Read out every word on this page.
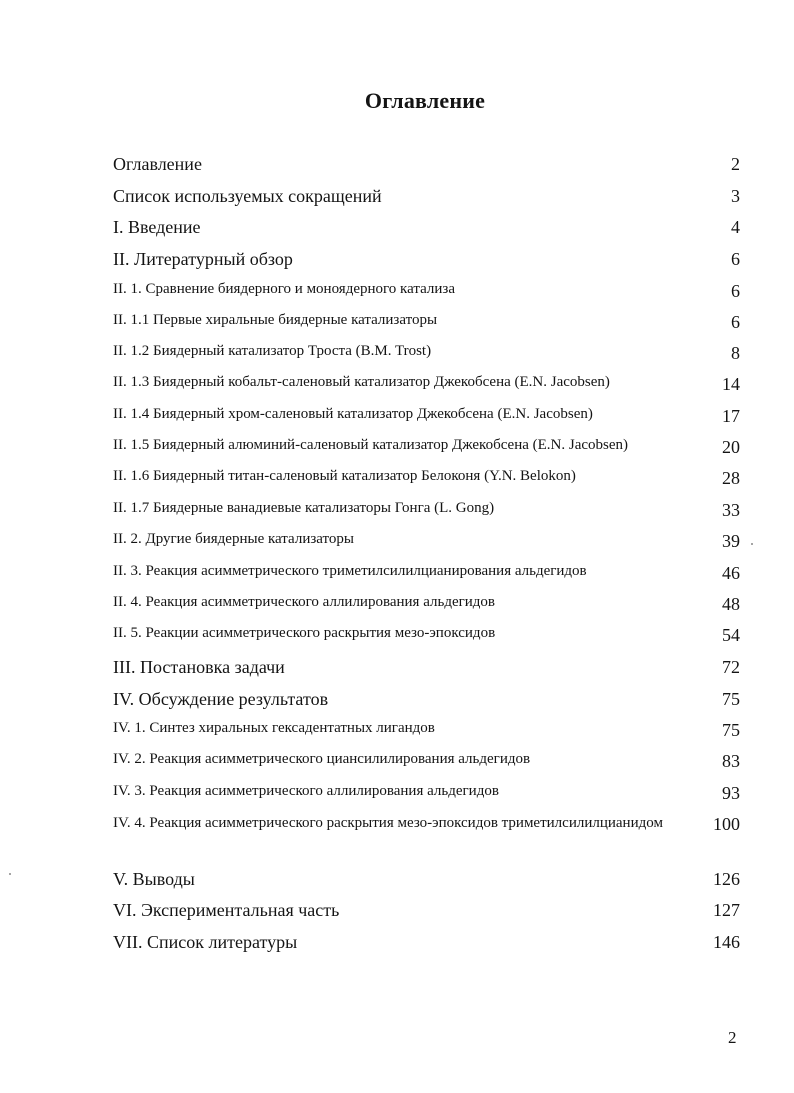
Оглавление
Оглавление	2
Список используемых сокращений	3
I. Введение	4
II. Литературный обзор	6
II. 1. Сравнение биядерного и моноядерного катализа	6
II. 1.1 Первые хиральные биядерные катализаторы	6
II. 1.2 Биядерный катализатор Троста (B.M. Trost)	8
II. 1.3 Биядерный кобальт-саленовый катализатор Джекобсена (E.N. Jacobsen)	14
II. 1.4 Биядерный хром-саленовый катализатор Джекобсена (E.N. Jacobsen)	17
II. 1.5 Биядерный алюминий-саленовый катализатор Джекобсена (E.N. Jacobsen)	20
II. 1.6 Биядерный титан-саленовый катализатор Белоконя (Y.N. Belokon)	28
II. 1.7 Биядерные ванадиевые катализаторы Гонга (L. Gong)	33
II. 2. Другие биядерные катализаторы	39
II. 3. Реакция асимметрического триметилсилилцианирования альдегидов	46
II. 4. Реакция асимметрического аллилирования альдегидов	48
II. 5. Реакции асимметрического раскрытия мезо-эпоксидов	54
III. Постановка задачи	72
IV. Обсуждение результатов	75
IV. 1. Синтез хиральных гексадентатных лигандов	75
IV. 2. Реакция асимметрического циансилилирования альдегидов	83
IV. 3. Реакция асимметрического аллилирования альдегидов	93
IV. 4. Реакция асимметрического раскрытия мезо-эпоксидов триметилсилилцианидом	100
V. Выводы	126
VI. Экспериментальная часть	127
VII. Список литературы	146
2
